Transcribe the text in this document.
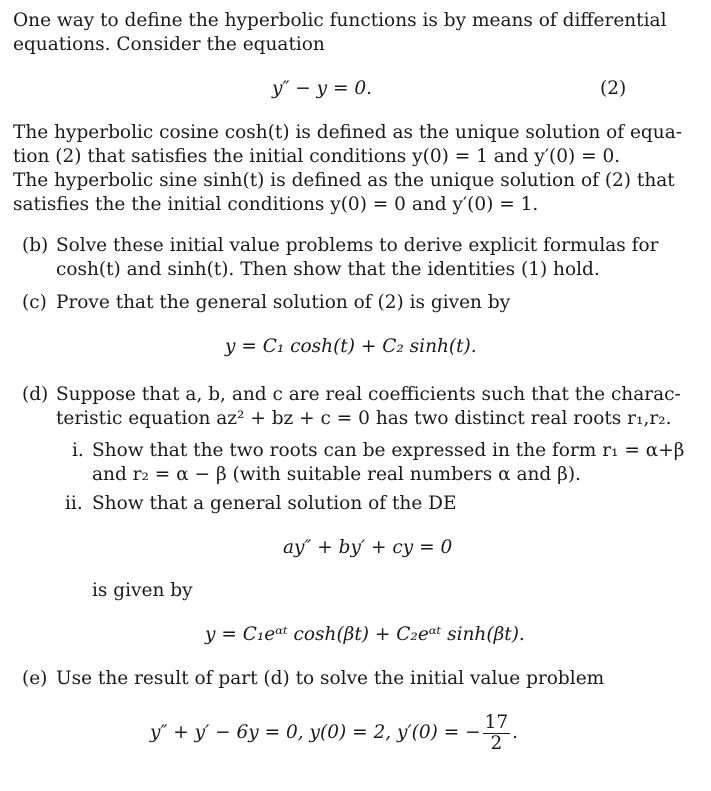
One way to define the hyperbolic functions is by means of differential
equations. Consider the equation
y″ − y = 0.	(2)
The hyperbolic cosine cosh(t) is defined as the unique solution of equa-
tion (2) that satisfies the initial conditions y(0) = 1 and y′(0) = 0.
The hyperbolic sine sinh(t) is defined as the unique solution of (2) that
satisfies the the initial conditions y(0) = 0 and y′(0) = 1.
(b) Solve these initial value problems to derive explicit formulas for
cosh(t) and sinh(t). Then show that the identities (1) hold.
(c) Prove that the general solution of (2) is given by
y = C₁ cosh(t) + C₂ sinh(t).
(d) Suppose that a, b, and c are real coefficients such that the charac-
teristic equation az² + bz + c = 0 has two distinct real roots r₁,r₂.
i. Show that the two roots can be expressed in the form r₁ = α+β
and r₂ = α − β (with suitable real numbers α and β).
ii. Show that a general solution of the DE
ay″ + by′ + cy = 0
is given by
y = C₁eᵅᵗ cosh(βt) + C₂eᵅᵗ sinh(βt).
(e) Use the result of part (d) to solve the initial value problem
y″ + y′ − 6y = 0, y(0) = 2, y′(0) = − $\frac{17}{2}$ .
